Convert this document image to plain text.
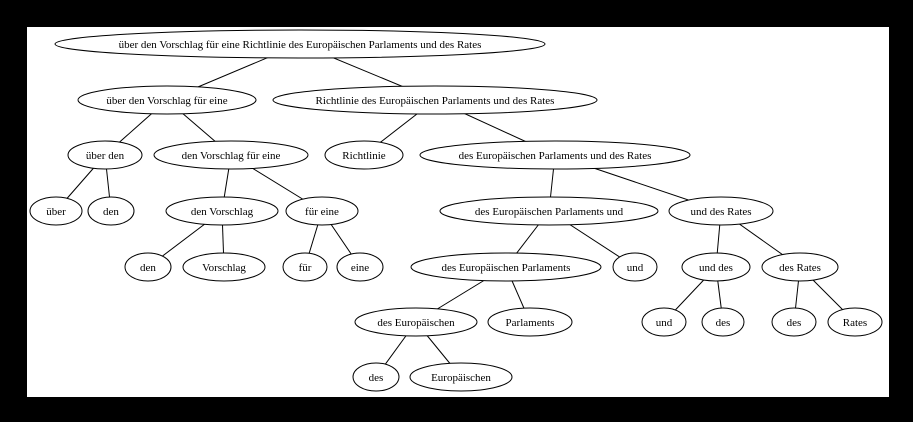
über den Vorschlag für eine Richtlinie des Europäischen Parlaments und des Rates
über den Vorschlag für eine	Richtlinie des Europäischen Parlaments und des Rates
über den	den Vorschlag für eine	Richtlinie	des Europäischen Parlaments und des Rates
über	den	den Vorschlag	für eine	des Europäischen Parlaments und	und des Rates
den	Vorschlag	für	eine	des Europäischen Parlaments	und	und des	des Rates
des Europäischen	Parlaments	und	des	des	Rates
des	Europäischen
